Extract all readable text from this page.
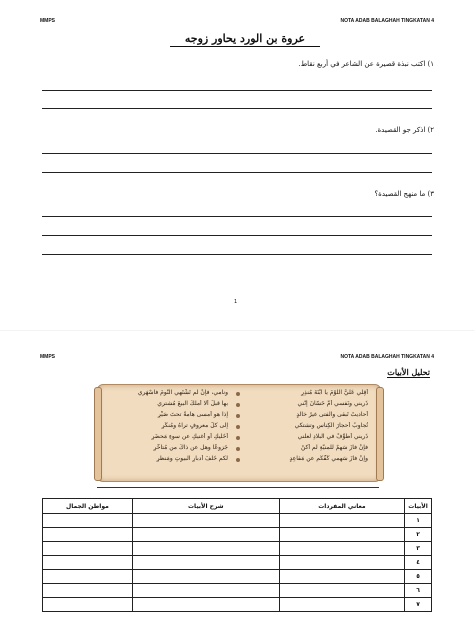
MMPS	NOTA ADAB BALAGHAH TINGKATAN 4
عروة بن الورد يحاور زوجه
١) اكتب نبذة قصيرة عن الشاعر في أربع نقاط.
٢) اذكر جو القصيدة.
٣) ما منهج القصيدة؟
1
MMPS	NOTA ADAB BALAGHAH TINGKATAN 4
تحليل الأبيات
أقِلّي عَلَيَّ اللَّوْمَ يا ابْنَةَ مُنذِرٍ
ونامي، فإنْ لم تَشْتَهي النَّومَ فاسْهَري
ذَريني ونَفسي أُمَّ حَسّانَ إنّني
بها قبلَ ألّا أملكَ البيعَ مُشتري
أحاديثَ تَبقى والفتى غيرُ خالدٍ
إذا هو أمسى هامةً تحتَ صَيِّرِ
تُجاوِبُ أحجارَ الكِناسِ وتشتكي
إلى كلِّ معروفٍ تراهُ ومُنكَرِ
ذَريني أُطَوِّفْ في البلادِ لعلَّني
أُخَلّيكِ أو أُغنيكِ عن سوءِ مَحضَرِ
فإنْ فازَ سَهمٌ للمنيّةِ لم أكنْ
جَزوعًا وهل عن ذاكَ من مُتأخَّرِ
وإنْ فازَ سَهمي كَفَّكُم عن مَقاعِدٍ
لكم خَلفَ أدبارِ البيوتِ ومَنظَرِ
الأبيات	معاني المفردات	شرح الأبيات	مواطن الجمال
١			
٢			
٣			
٤			
٥			
٦			
٧			
